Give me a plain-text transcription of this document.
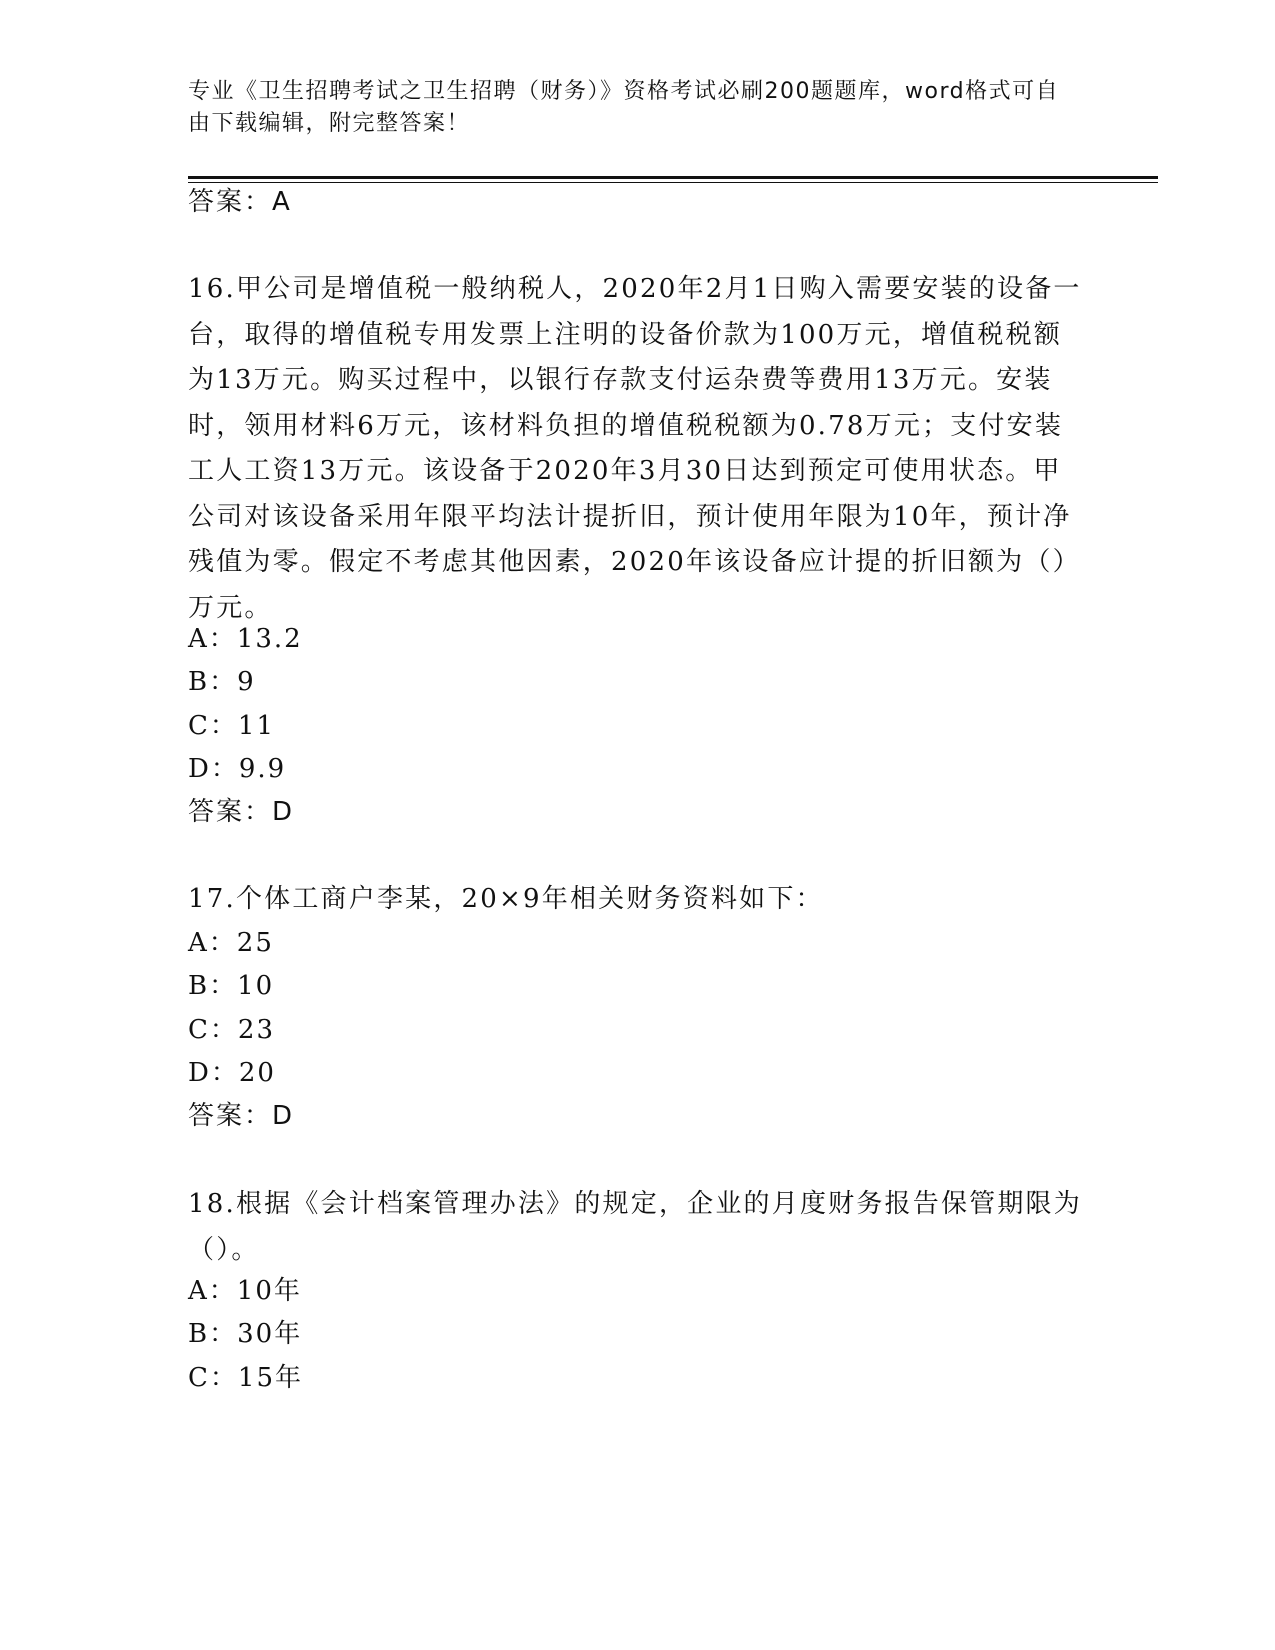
专业《卫生招聘考试之卫生招聘（财务）》资格考试必刷200题题库，word格式可自由下载编辑，附完整答案！
答案：A
16.甲公司是增值税一般纳税人，2020年2月1日购入需要安装的设备一台，取得的增值税专用发票上注明的设备价款为100万元，增值税税额为13万元。购买过程中，以银行存款支付运杂费等费用13万元。安装时，领用材料6万元，该材料负担的增值税税额为0.78万元；支付安装工人工资13万元。该设备于2020年3月30日达到预定可使用状态。甲公司对该设备采用年限平均法计提折旧，预计使用年限为10年，预计净残值为零。假定不考虑其他因素，2020年该设备应计提的折旧额为（）万元。
A：13.2
B：9
C：11
D：9.9
答案：D
17.个体工商户李某，20×9年相关财务资料如下：
A：25
B：10
C：23
D：20
答案：D
18.根据《会计档案管理办法》的规定，企业的月度财务报告保管期限为（）。
A：10年
B：30年
C：15年
